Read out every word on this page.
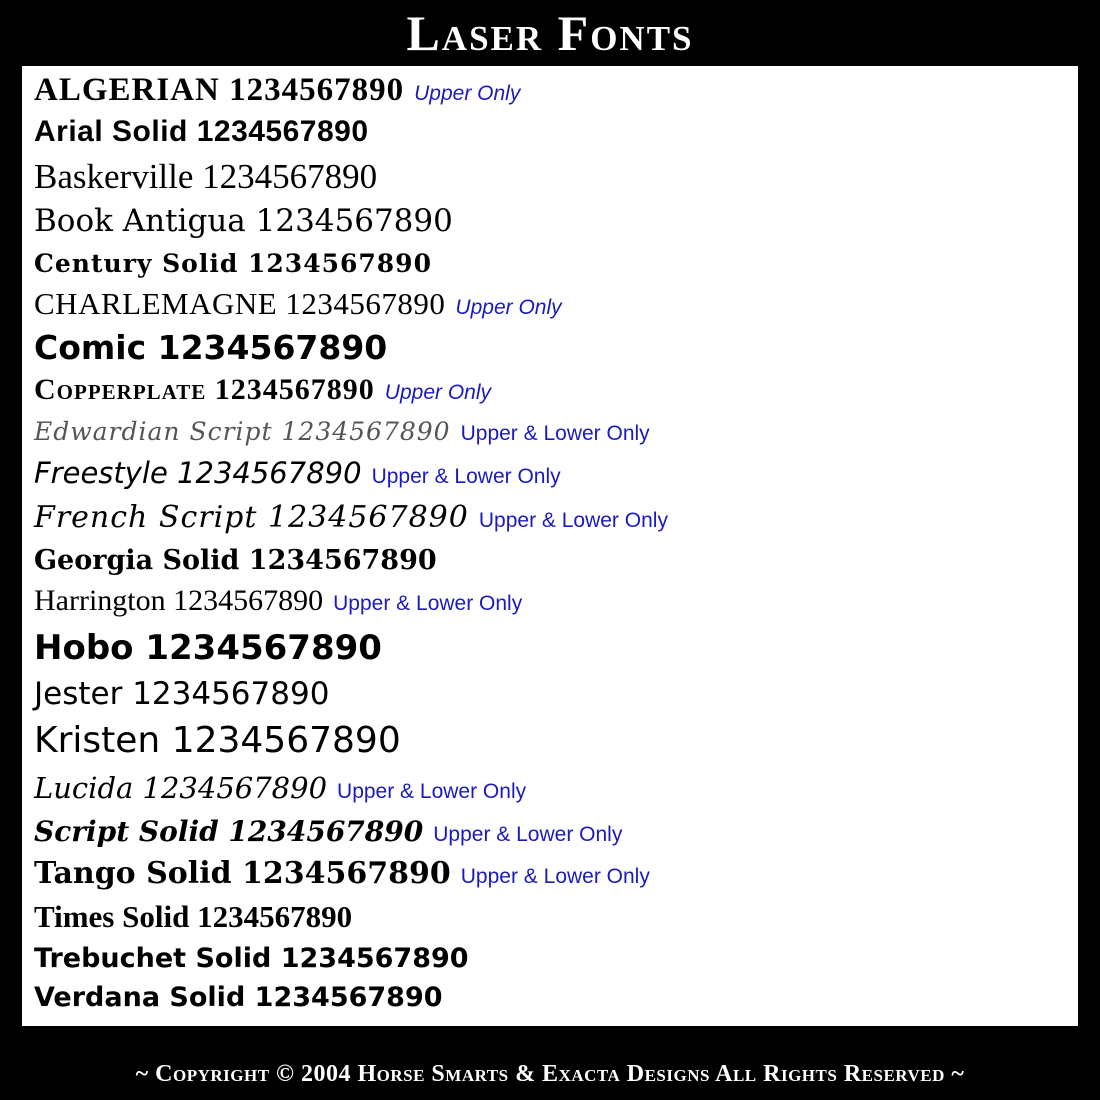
Laser Fonts
ALGERIAN 1234567890 Upper Only
Arial Solid 1234567890
Baskerville 1234567890
Book Antigua 1234567890
Century Solid 1234567890
CHARLEMAGNE 1234567890 Upper Only
Comic 1234567890
Copperplate 1234567890 Upper Only
Edwardian Script 1234567890 Upper & Lower Only
Freestyle 1234567890 Upper & Lower Only
French Script 1234567890 Upper & Lower Only
Georgia Solid 1234567890
Harrington 1234567890 Upper & Lower Only
Hobo 1234567890
Jester 1234567890
Kristen 1234567890
Lucida 1234567890 Upper & Lower Only
Script Solid 1234567890 Upper & Lower Only
Tango Solid 1234567890 Upper & Lower Only
Times Solid 1234567890
Trebuchet Solid 1234567890
Verdana Solid 1234567890
~ Copyright © 2004 Horse Smarts & Exacta Designs All Rights Reserved ~
